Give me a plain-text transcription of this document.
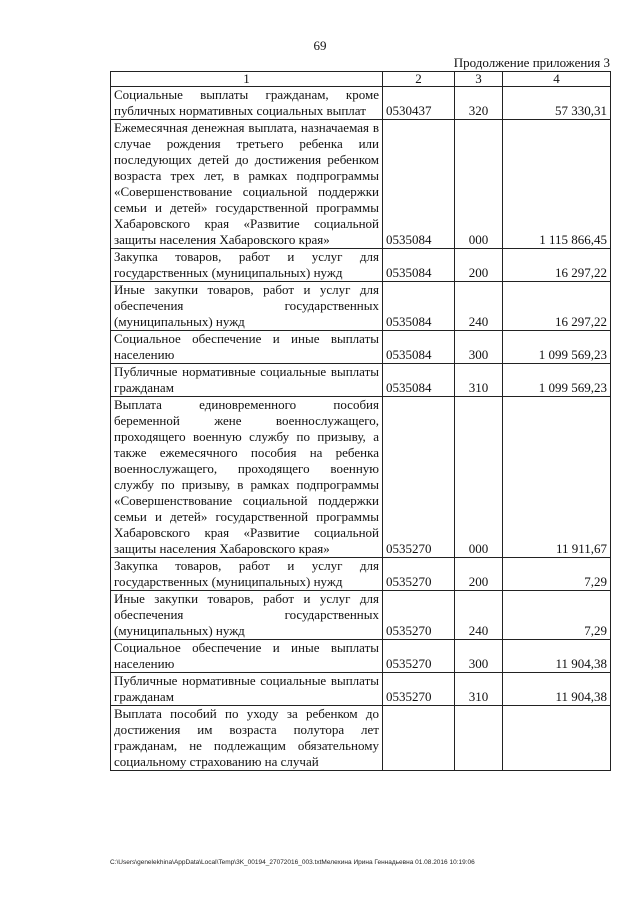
69
Продолжение приложения 3
1	2	3	4
Социальные выплаты гражданам, кроме публичных нормативных социальных выплат	0530437	320	57 330,31
Ежемесячная денежная выплата, назначаемая в случае рождения третьего ребенка или последующих детей до достижения ребенком возраста трех лет, в рамках подпрограммы «Совершенствование социальной поддержки семьи и детей» государственной программы Хабаровского края «Развитие социальной защиты населения Хабаровского края»	0535084	000	1 115 866,45
Закупка товаров, работ и услуг для государственных (муниципальных) нужд	0535084	200	16 297,22
Иные закупки товаров, работ и услуг для обеспечения государственных (муниципальных) нужд	0535084	240	16 297,22
Социальное обеспечение и иные выплаты населению	0535084	300	1 099 569,23
Публичные нормативные социальные выплаты гражданам	0535084	310	1 099 569,23
Выплата единовременного пособия беременной жене военнослужащего, проходящего военную службу по призыву, а также ежемесячного пособия на ребенка военнослужащего, проходящего военную службу по призыву, в рамках подпрограммы «Совершенствование социальной поддержки семьи и детей» государственной программы Хабаровского края «Развитие социальной защиты населения Хабаровского края»	0535270	000	11 911,67
Закупка товаров, работ и услуг для государственных (муниципальных) нужд	0535270	200	7,29
Иные закупки товаров, работ и услуг для обеспечения государственных (муниципальных) нужд	0535270	240	7,29
Социальное обеспечение и иные выплаты населению	0535270	300	11 904,38
Публичные нормативные социальные выплаты гражданам	0535270	310	11 904,38
Выплата пособий по уходу за ребенком до достижения им возраста полутора лет гражданам, не подлежащим обязательному социальному страхованию на случай			
C:\Users\genelekhina\AppData\Local\Temp\3K_00194_27072016_003.txtМелехина Ирина Геннадьевна 01.08.2016 10:19:06
